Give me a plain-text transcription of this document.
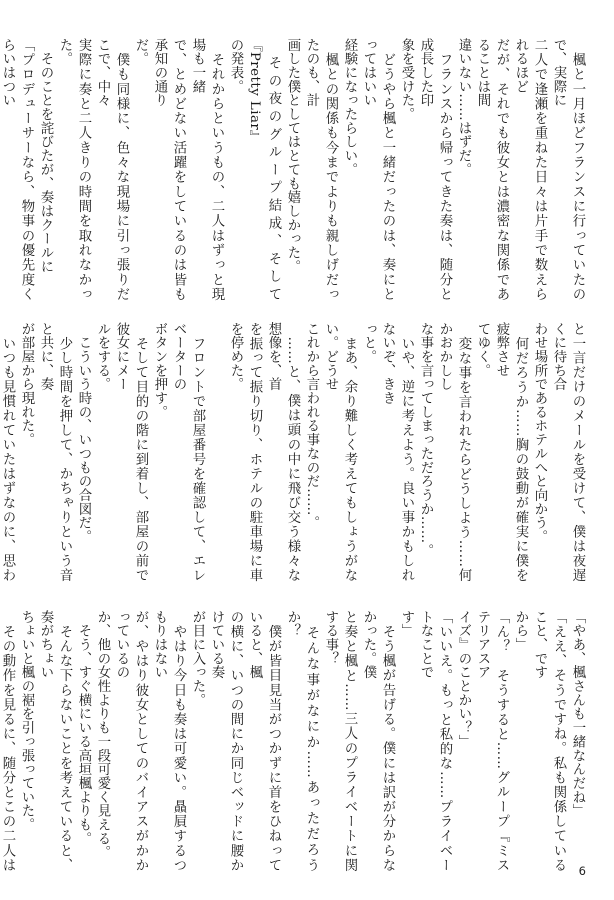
　楓と一月ほどフランスに行っていたので、実際に

二人で逢瀬を重ねた日々は片手で数えられるほど

だが、それでも彼女とは濃密な関係であることは間

違いない……はずだ。

　フランスから帰ってきた奏は、随分と成長した印

象を受けた。

　どうやら楓と一緒だったのは、奏にとってはいい

経験になったらしい。

　楓との関係も今までよりも親しげだったのも、計

画した僕としてはとても嬉しかった。

　その夜のグループ結成、そして『Pretty Liar』

の発表。

　それからというもの、二人はずっと現場も一緒

で、とめどない活躍をしているのは皆も承知の通り

だ。

　僕も同様に、色々な現場に引っ張りだこで、中々

実際に奏と二人きりの時間を取れなかった。

　そのことを詫びたが、奏はクールに

「プロデューサーなら、物事の優先度くらいはつい

と一言だけのメールを受けて、僕は夜遅くに待ち合

わせ場所であるホテルへと向かう。

　何だろうか……胸の鼓動が確実に僕を疲弊させ

てゆく。

　変な事を言われたらどうしよう……何かおかしし

な事を言ってしまっただろうか……。

　いや、逆に考えよう。良い事かもしれないぞ、きき

っと。

　まあ、余り難しく考えてもしょうがない。どうせ

これから言われる事なのだ……。

　……と、僕は頭の中に飛び交う様々な想像を、首

を振って振り切り、ホテルの駐車場に車を停めた。

　フロントで部屋番号を確認して、エレベーターの

ボタンを押す。

　そして目的の階に到着し、部屋の前で彼女にメー

ルをする。

　こういう時の、いつもの合図だ。

　少し時間を押して、かちゃりという音と共に、奏

が部屋から現れた。

　いつも見慣れていたはずなのに、思わ

「やあ、楓さんも一緒なんだね」

「ええ、そうですね。私も関係していること、です

から」

「ん？　そうすると……グループ『ミステリアスア

イズ』のことかい？」

「いいえ。もっと私的な……プライベートなことで

す」

　そう楓が告げる。僕には訳が分からなかった。僕

と奏と楓と……三人のプライベートに関する事？

　そんな事がなにか……あっただろうか？

　僕が皆目見当がつかずに首をひねっていると、楓

の横に、いつの間にか同じベッドに腰かけている奏

が目に入った。

　やはり今日も奏は可愛い。贔屓するつもりはない

が、やはり彼女としてのバイアスがかかっているの

か、他の女性よりも一段可愛く見える。

　そう、すぐ横にいる高垣楓よりも。

　そんな下らないことを考えていると、奏がちょい

ちょいと楓の裾を引っ張っていた。

　その動作を見るに、随分とこの二人は	6
